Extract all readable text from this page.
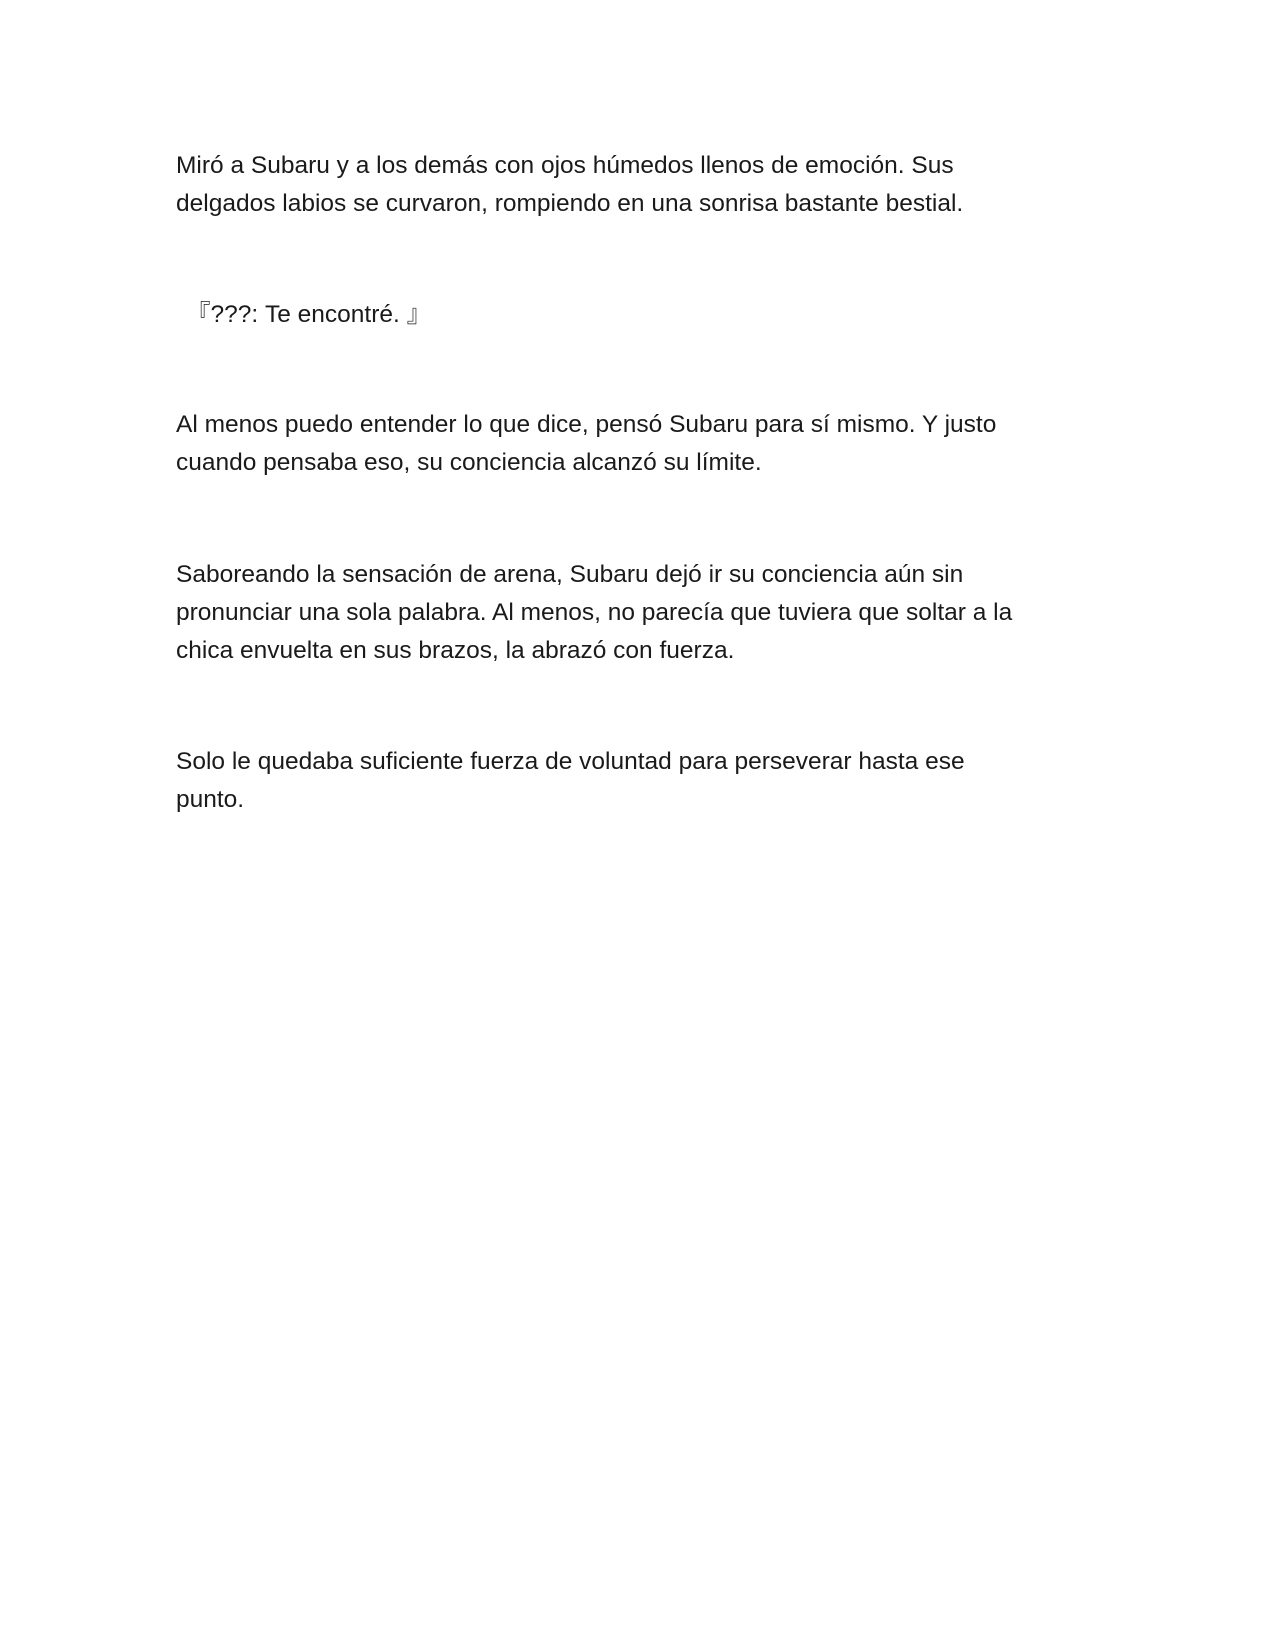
Miró a Subaru y a los demás con ojos húmedos llenos de emoción. Sus
delgados labios se curvaron, rompiendo en una sonrisa bastante bestial.

『???: Te encontré. 』

Al menos puedo entender lo que dice, pensó Subaru para sí mismo. Y justo
cuando pensaba eso, su conciencia alcanzó su límite.

Saboreando la sensación de arena, Subaru dejó ir su conciencia aún sin
pronunciar una sola palabra. Al menos, no parecía que tuviera que soltar a la
chica envuelta en sus brazos, la abrazó con fuerza.

Solo le quedaba suficiente fuerza de voluntad para perseverar hasta ese
punto.
